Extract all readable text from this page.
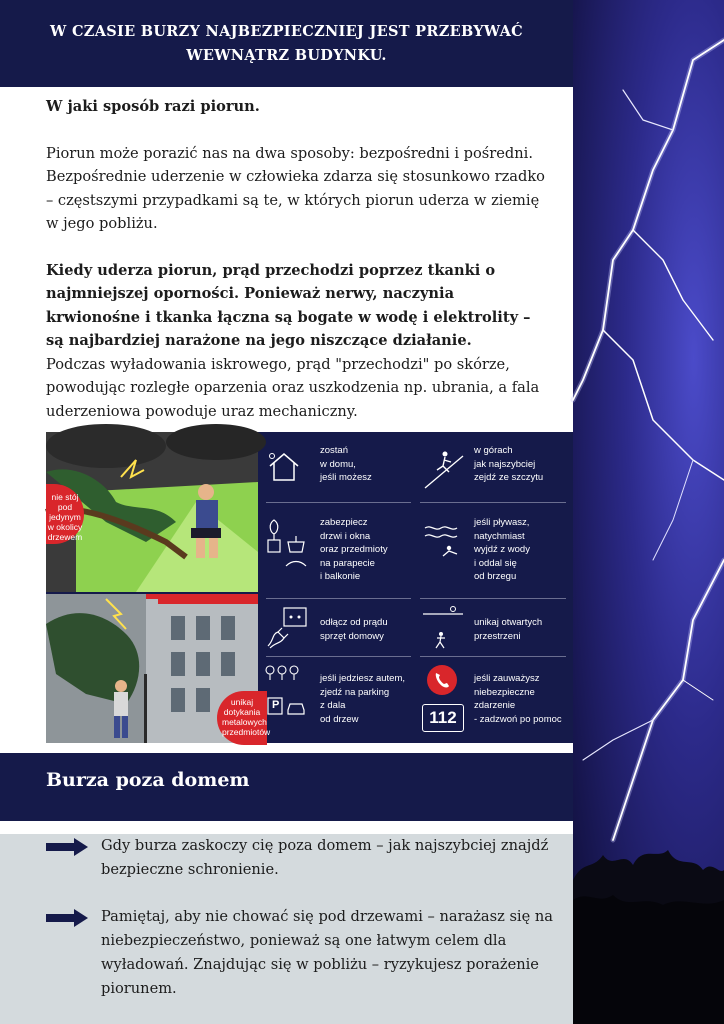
W CZASIE BURZY NAJBEZPIECZNIEJ JEST PRZEBYWAĆ WEWNĄTRZ BUDYNKU.

W jaki sposób razi piorun.

Piorun może porazić nas na dwa sposoby: bezpośredni i pośredni. Bezpośrednie uderzenie w człowieka zdarza się stosunkowo rzadko – częstszymi przypadkami są te, w których piorun uderza w ziemię w jego pobliżu.

Kiedy uderza piorun, prąd przechodzi poprzez tkanki o najmniejszej oporności. Ponieważ nerwy, naczynia krwionośne i tkanka łączna są bogate w wodę i elektrolity – są najbardziej narażone na jego niszczące działanie.

Podczas wyładowania iskrowego, prąd "przechodzi" po skórze, powodując rozległe oparzenia oraz uszkodzenia np. ubrania, a fala uderzeniowa powoduje uraz mechaniczny.

nie stój pod jedynym w okolicy drzewem
unikaj dotykania metalowych przedmiotów
zostań
w domu,
jeśli możesz
w górach
jak najszybciej
zejdź ze szczytu
zabezpiecz
drzwi i okna
oraz przedmioty
na parapecie
i balkonie
jeśli pływasz,
natychmiast
wyjdź z wody
i oddal się
od brzegu
odłącz od prądu
sprzęt domowy
unikaj otwartych
przestrzeni
P
jeśli jedziesz autem,
zjedź na parking
z dala
od drzew	112
jeśli zauważysz
niebezpieczne
zdarzenie
- zadzwoń po pomoc
Burza poza domem
Gdy burza zaskoczy cię poza domem – jak najszybciej znajdź bezpieczne schronienie.
Pamiętaj, aby nie chować się pod drzewami – narażasz się na niebezpieczeństwo, ponieważ są one łatwym celem dla wyładowań. Znajdując się w pobliżu – ryzykujesz porażenie piorunem.
